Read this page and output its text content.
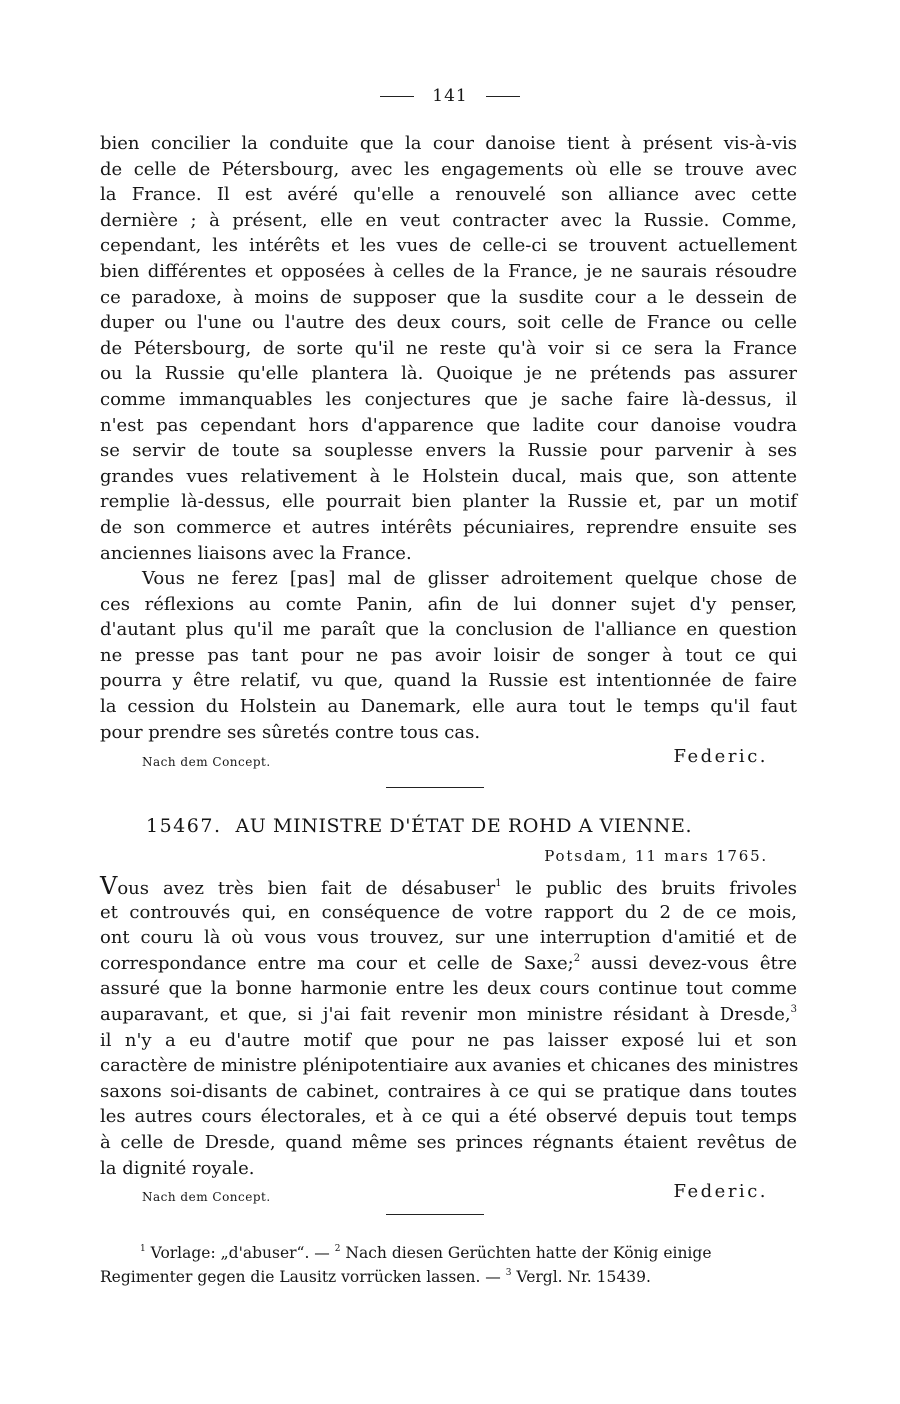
141
bien concilier la conduite que la cour danoise tient à présent vis-à-vis
de celle de Pétersbourg, avec les engagements où elle se trouve avec
la France. Il est avéré qu'elle a renouvelé son alliance avec cette
dernière ; à présent, elle en veut contracter avec la Russie. Comme,
cependant, les intérêts et les vues de celle-ci se trouvent actuellement
bien différentes et opposées à celles de la France, je ne saurais résoudre
ce paradoxe, à moins de supposer que la susdite cour a le dessein de
duper ou l'une ou l'autre des deux cours, soit celle de France ou celle
de Pétersbourg, de sorte qu'il ne reste qu'à voir si ce sera la France
ou la Russie qu'elle plantera là. Quoique je ne prétends pas assurer
comme immanquables les conjectures que je sache faire là-dessus, il
n'est pas cependant hors d'apparence que ladite cour danoise voudra
se servir de toute sa souplesse envers la Russie pour parvenir à ses
grandes vues relativement à le Holstein ducal, mais que, son attente
remplie là-dessus, elle pourrait bien planter la Russie et, par un motif
de son commerce et autres intérêts pécuniaires, reprendre ensuite ses
anciennes liaisons avec la France.
Vous ne ferez [pas] mal de glisser adroitement quelque chose de
ces réflexions au comte Panin, afin de lui donner sujet d'y penser,
d'autant plus qu'il me paraît que la conclusion de l'alliance en question
ne presse pas tant pour ne pas avoir loisir de songer à tout ce qui
pourra y être relatif, vu que, quand la Russie est intentionnée de faire
la cession du Holstein au Danemark, elle aura tout le temps qu'il faut
pour prendre ses sûretés contre tous cas.
Nach dem Concept.	Federic.
15467. AU MINISTRE D'ÉTAT DE ROHD A VIENNE.
Potsdam, 11 mars 1765.
Vous avez très bien fait de désabuser$^1$ le public des bruits frivoles
et controuvés qui, en conséquence de votre rapport du 2 de ce mois,
ont couru là où vous vous trouvez, sur une interruption d'amitié et de
correspondance entre ma cour et celle de Saxe;$^2$ aussi devez-vous être
assuré que la bonne harmonie entre les deux cours continue tout comme
auparavant, et que, si j'ai fait revenir mon ministre résidant à Dresde,$^3$
il n'y a eu d'autre motif que pour ne pas laisser exposé lui et son
caractère de ministre plénipotentiaire aux avanies et chicanes des ministres
saxons soi-disants de cabinet, contraires à ce qui se pratique dans toutes
les autres cours électorales, et à ce qui a été observé depuis tout temps
à celle de Dresde, quand même ses princes régnants étaient revêtus de
la dignité royale.
Nach dem Concept.	Federic.
$^1$ Vorlage: „d'abuser“. — $^2$ Nach diesen Gerüchten hatte der König einige
Regimenter gegen die Lausitz vorrücken lassen. — $^3$ Vergl. Nr. 15439.
